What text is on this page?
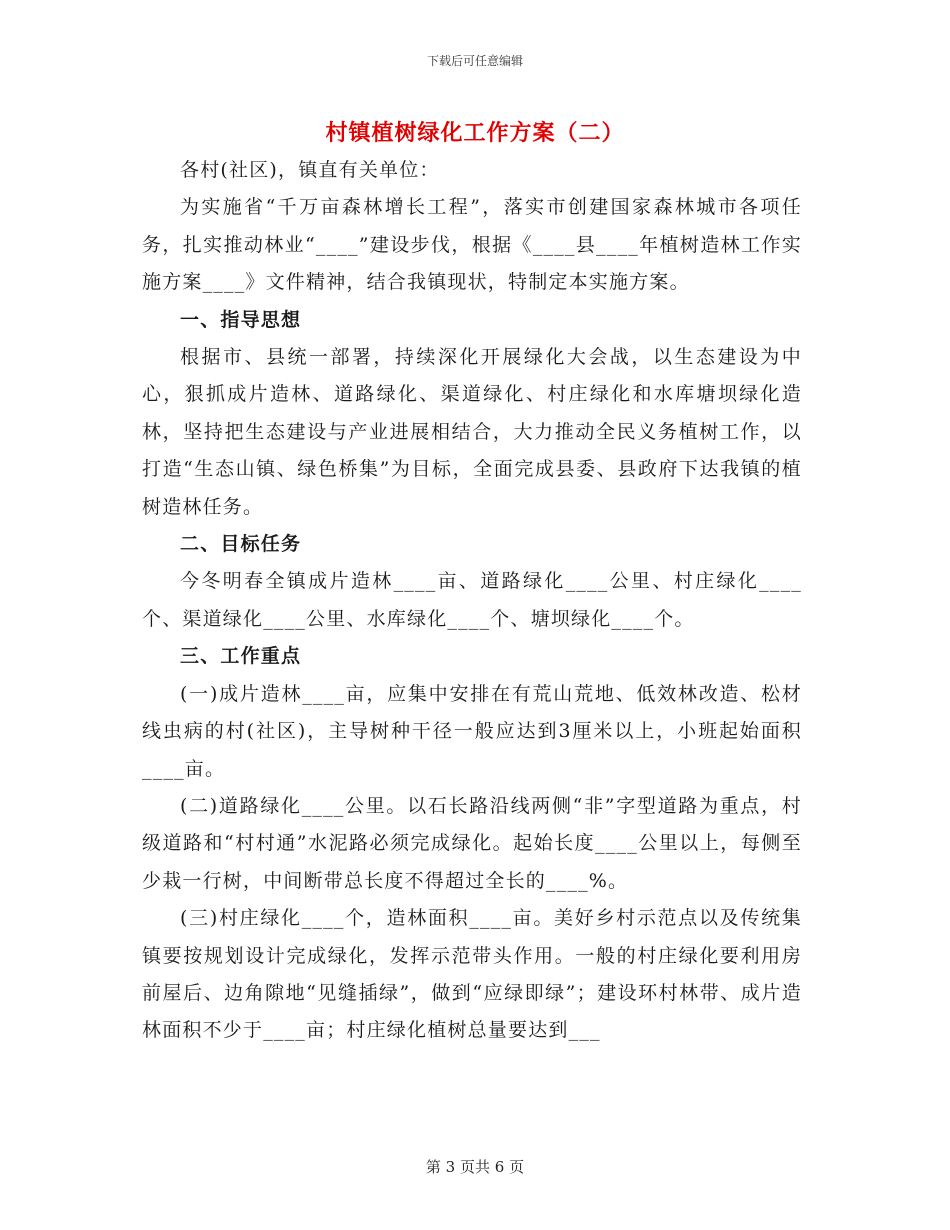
下载后可任意编辑
村镇植树绿化工作方案（二）

各村(社区)，镇直有关单位：

为实施省“千万亩森林增长工程”，落实市创建国家森林城市各项任务，扎实推动林业“____”建设步伐，根据《____县____年植树造林工作实施方案____》文件精神，结合我镇现状，特制定本实施方案。

一、指导思想

根据市、县统一部署，持续深化开展绿化大会战，以生态建设为中心，狠抓成片造林、道路绿化、渠道绿化、村庄绿化和水库塘坝绿化造林，坚持把生态建设与产业进展相结合，大力推动全民义务植树工作，以打造“生态山镇、绿色桥集”为目标，全面完成县委、县政府下达我镇的植树造林任务。

二、目标任务

今冬明春全镇成片造林____亩、道路绿化____公里、村庄绿化____个、渠道绿化____公里、水库绿化____个、塘坝绿化____个。

三、工作重点

(一)成片造林____亩，应集中安排在有荒山荒地、低效林改造、松材线虫病的村(社区)，主导树种干径一般应达到3厘米以上，小班起始面积____亩。

(二)道路绿化____公里。以石长路沿线两侧“非”字型道路为重点，村级道路和“村村通”水泥路必须完成绿化。起始长度____公里以上，每侧至少栽一行树，中间断带总长度不得超过全长的____%。

(三)村庄绿化____个，造林面积____亩。美好乡村示范点以及传统集镇要按规划设计完成绿化，发挥示范带头作用。一般的村庄绿化要利用房前屋后、边角隙地“见缝插绿”，做到“应绿即绿”；建设环村林带、成片造林面积不少于____亩；村庄绿化植树总量要达到___

第 3 页共 6 页
